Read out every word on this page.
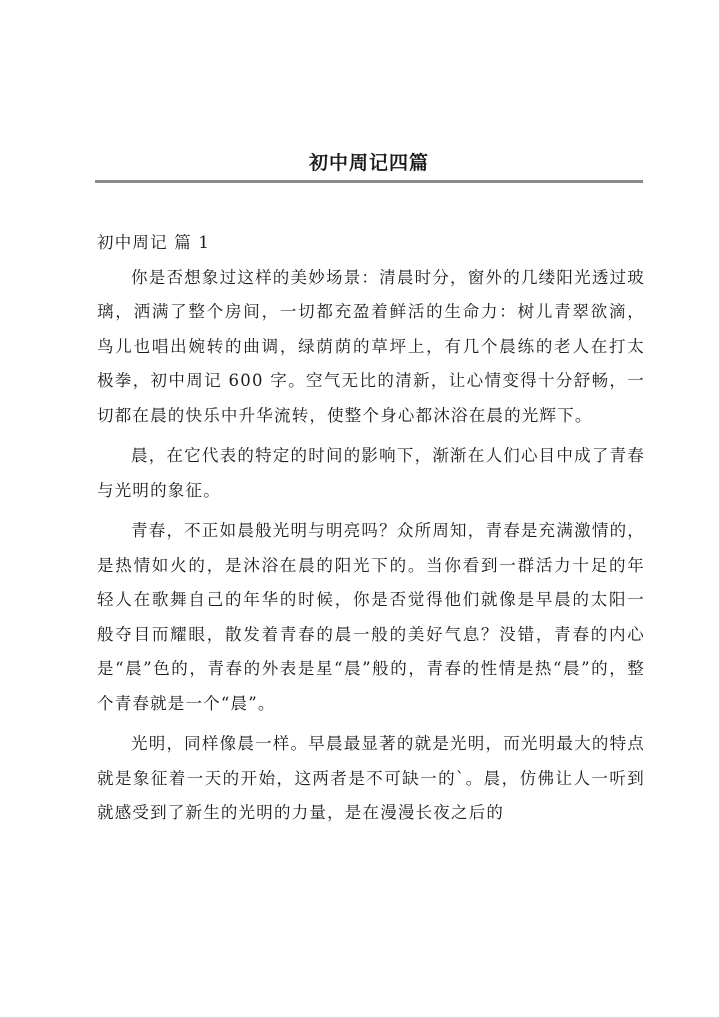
初中周记四篇
初中周记 篇 1

你是否想象过这样的美妙场景：清晨时分，窗外的几缕阳光透过玻璃，洒满了整个房间，一切都充盈着鲜活的生命力：树儿青翠欲滴，鸟儿也唱出婉转的曲调，绿荫荫的草坪上，有几个晨练的老人在打太极拳，初中周记 600 字。空气无比的清新，让心情变得十分舒畅，一切都在晨的快乐中升华流转，使整个身心都沐浴在晨的光辉下。

晨，在它代表的特定的时间的影响下，渐渐在人们心目中成了青春与光明的象征。

青春，不正如晨般光明与明亮吗？众所周知，青春是充满激情的，是热情如火的，是沐浴在晨的阳光下的。当你看到一群活力十足的年轻人在歌舞自己的年华的时候，你是否觉得他们就像是早晨的太阳一般夺目而耀眼，散发着青春的晨一般的美好气息？没错，青春的内心是“晨”色的，青春的外表是星“晨”般的，青春的性情是热“晨”的，整个青春就是一个“晨”。

光明，同样像晨一样。早晨最显著的就是光明，而光明最大的特点就是象征着一天的开始，这两者是不可缺一的`。晨，仿佛让人一听到就感受到了新生的光明的力量，是在漫漫长夜之后的
